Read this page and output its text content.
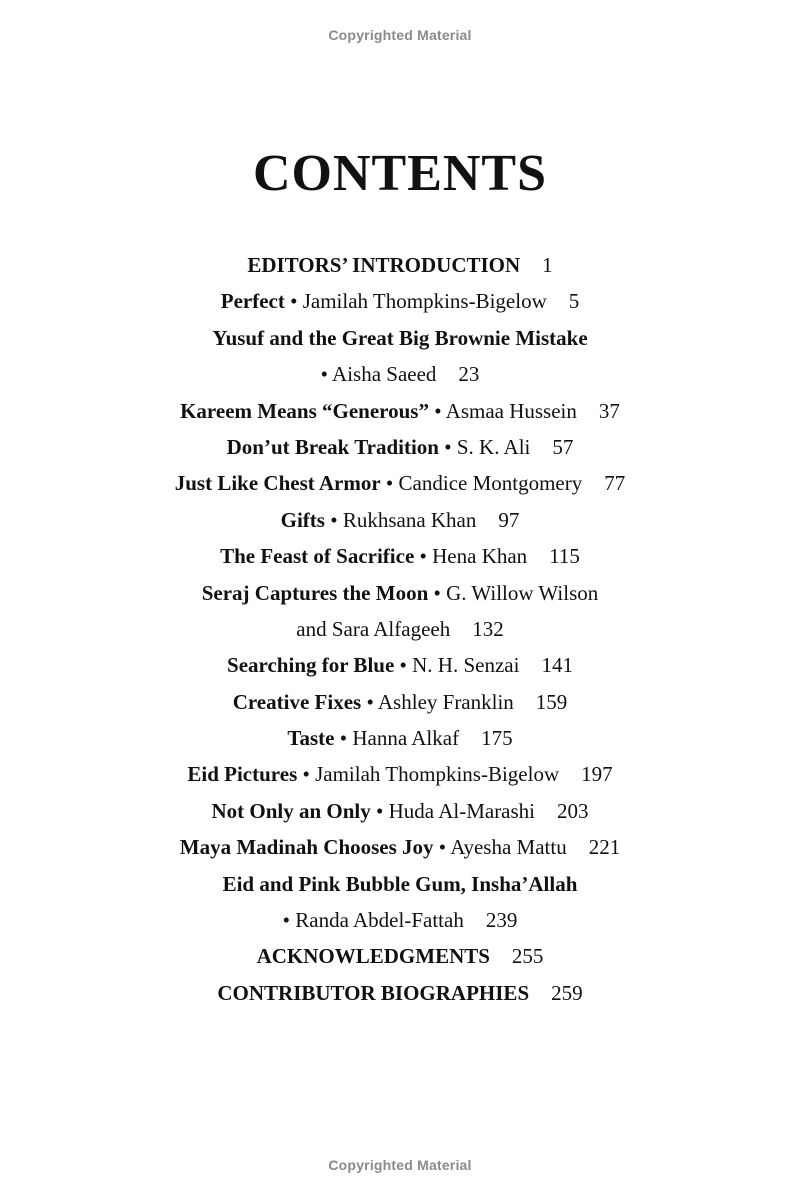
Copyrighted Material
CONTENTS
EDITORS’ INTRODUCTION 1
Perfect • Jamilah Thompkins-Bigelow 5
Yusuf and the Great Big Brownie Mistake
• Aisha Saeed 23
Kareem Means “Generous” • Asmaa Hussein 37
Don’ut Break Tradition • S. K. Ali 57
Just Like Chest Armor • Candice Montgomery 77
Gifts • Rukhsana Khan 97
The Feast of Sacrifice • Hena Khan 115
Seraj Captures the Moon • G. Willow Wilson
and Sara Alfageeh 132
Searching for Blue • N. H. Senzai 141
Creative Fixes • Ashley Franklin 159
Taste • Hanna Alkaf 175
Eid Pictures • Jamilah Thompkins-Bigelow 197
Not Only an Only • Huda Al-Marashi 203
Maya Madinah Chooses Joy • Ayesha Mattu 221
Eid and Pink Bubble Gum, Insha’Allah
• Randa Abdel-Fattah 239
ACKNOWLEDGMENTS 255
CONTRIBUTOR BIOGRAPHIES 259
Copyrighted Material
